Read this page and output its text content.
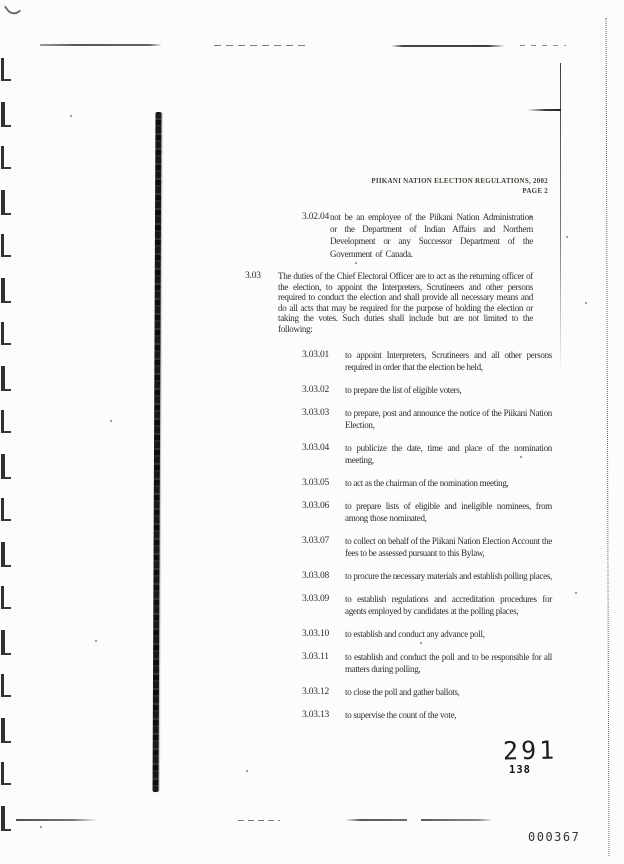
PIIKANI NATION ELECTION REGULATIONS, 2002
PAGE 2
3.02.04 not be an employee of the Piikani Nation Administration or the Department of Indian Affairs and Northern Development or any Successor Department of the Government of Canada.
3.03	The duties of the Chief Electoral Officer are to act as the returning officer of the election, to appoint the Interpreters, Scrutineers and other persons required to conduct the election and shall provide all necessary means and do all acts that may be required for the purpose of holding the election or taking the votes. Such duties shall include but are not limited to the following:
3.03.01	to appoint Interpreters, Scrutineers and all other persons required in order that the election be held,
3.03.02	to prepare the list of eligible voters,
3.03.03	to prepare, post and announce the notice of the Piikani Nation Election,
3.03.04	to publicize the date, time and place of the nomination meeting,
3.03.05	to act as the chairman of the nomination meeting,
3.03.06	to prepare lists of eligible and ineligible nominees, from among those nominated,
3.03.07	to collect on behalf of the Piikani Nation Election Account the fees to be assessed pursuant to this Bylaw,
3.03.08	to procure the necessary materials and establish polling places,
3.03.09	to establish regulations and accreditation procedures for agents employed by candidates at the polling places,
3.03.10	to establish and conduct any advance poll,
3.03.11	to establish and conduct the poll and to be responsible for all matters during polling,
3.03.12	to close the poll and gather ballots,
3.03.13	to supervise the count of the vote,
291
138
000367
